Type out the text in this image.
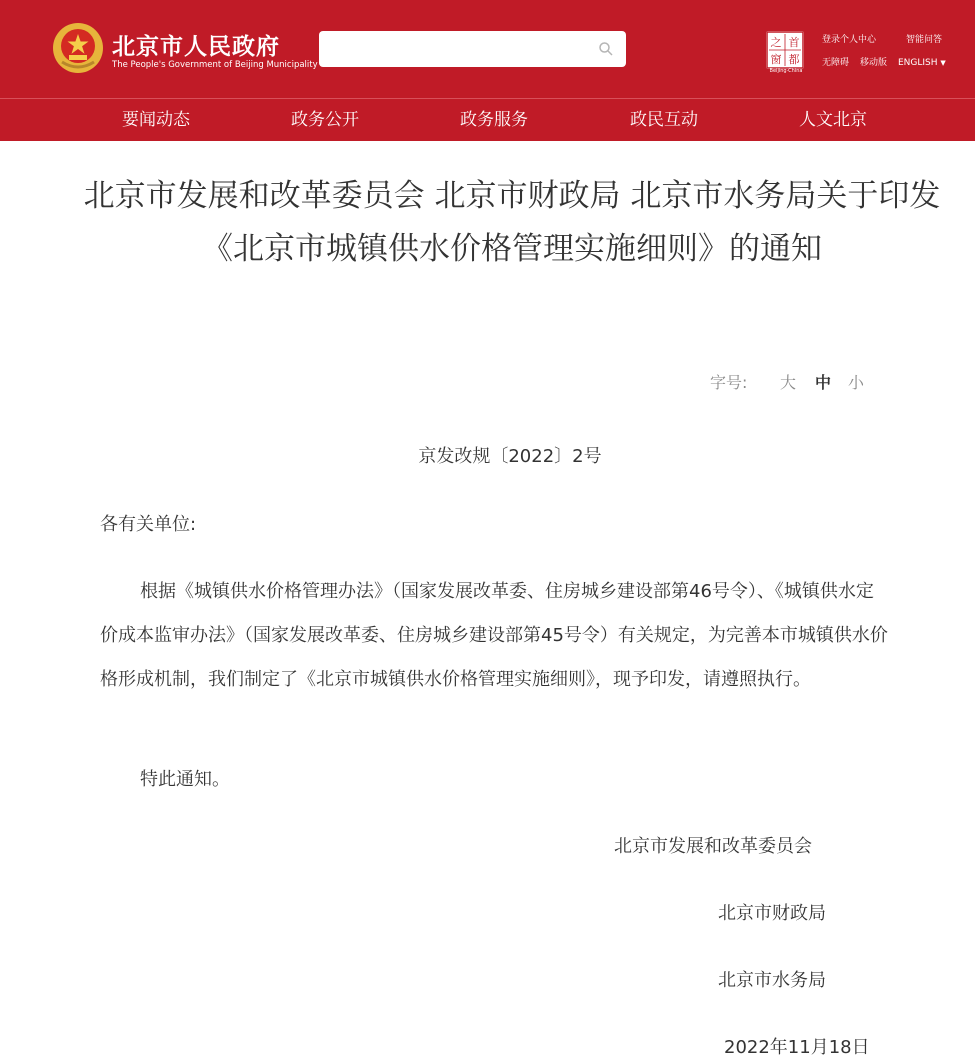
北京市人民政府
The People's Government of Beijing Municipality
之 首
都
窗
Beijing·China
登录个人中心	智能问答
无障碍 移动版 ENGLISH ▼
要闻动态	政务公开	政务服务	政民互动	人文北京
北京市发展和改革委员会 北京市财政局 北京市水务局关于印发《北京市城镇供水价格管理实施细则》的通知
字号: 大 中 小
京发改规〔2022〕2号
各有关单位:

根据《城镇供水价格管理办法》（国家发展改革委、住房城乡建设部第46号令）、《城镇供水定价成本监审办法》（国家发展改革委、住房城乡建设部第45号令）有关规定，为完善本市城镇供水价格形成机制，我们制定了《北京市城镇供水价格管理实施细则》，现予印发，请遵照执行。

特此通知。
北京市发展和改革委员会
北京市财政局
北京市水务局
2022年11月18日
